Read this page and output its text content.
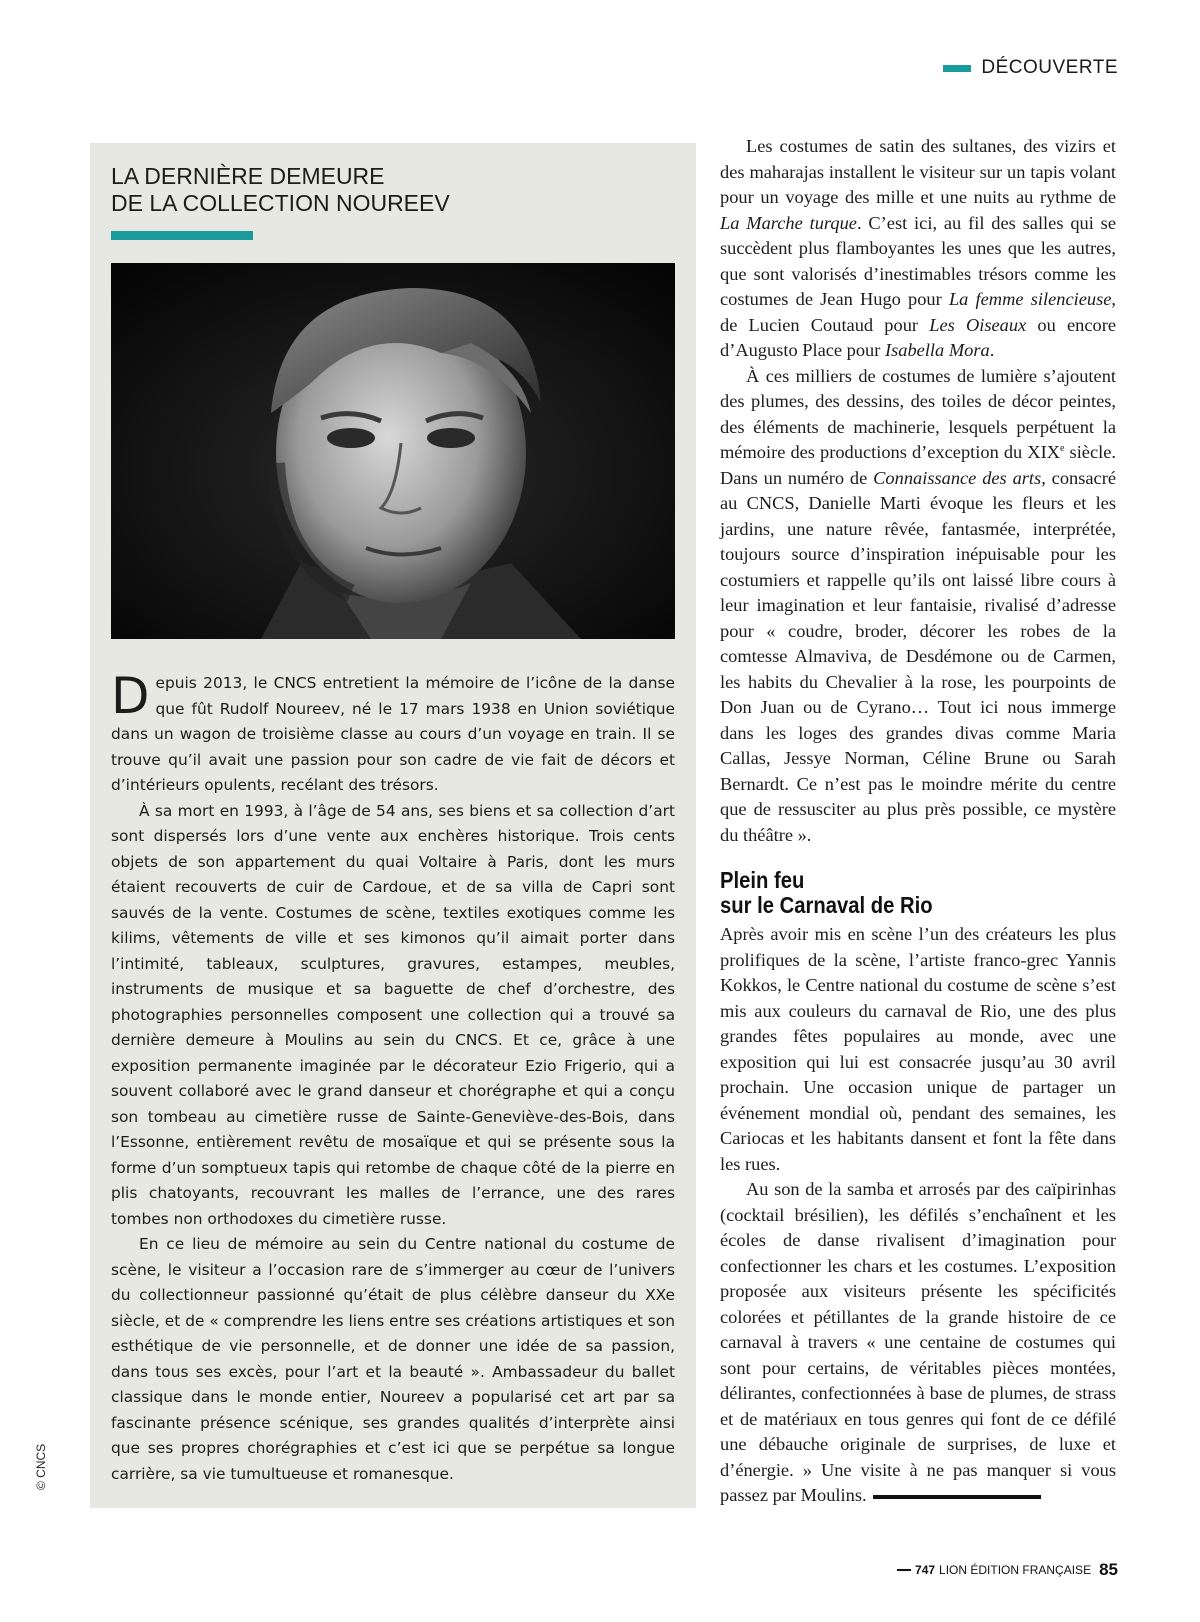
DÉCOUVERTE
LA DERNIÈRE DEMEURE
DE LA COLLECTION NOUREEV

Depuis 2013, le CNCS entretient la mémoire de l’icône de la danse que fût Rudolf Noureev, né le 17 mars 1938 en Union soviétique dans un wagon de troisième classe au cours d’un voyage en train. Il se trouve qu’il avait une passion pour son cadre de vie fait de décors et d’intérieurs opulents, recélant des trésors.

À sa mort en 1993, à l’âge de 54 ans, ses biens et sa collection d’art sont dispersés lors d’une vente aux enchères historique. Trois cents objets de son appartement du quai Voltaire à Paris, dont les murs étaient recouverts de cuir de Cardoue, et de sa villa de Capri sont sauvés de la vente. Costumes de scène, textiles exotiques comme les kilims, vêtements de ville et ses kimonos qu’il aimait porter dans l’intimité, tableaux, sculptures, gravures, estampes, meubles, instruments de musique et sa baguette de chef d’orchestre, des photographies personnelles composent une collection qui a trouvé sa dernière demeure à Moulins au sein du CNCS. Et ce, grâce à une exposition permanente imaginée par le décorateur Ezio Frigerio, qui a souvent collaboré avec le grand danseur et chorégraphe et qui a conçu son tombeau au cimetière russe de Sainte-Geneviève-des-Bois, dans l’Essonne, entièrement revêtu de mosaïque et qui se présente sous la forme d’un somptueux tapis qui retombe de chaque côté de la pierre en plis chatoyants, recouvrant les malles de l’errance, une des rares tombes non orthodoxes du cimetière russe.

En ce lieu de mémoire au sein du Centre national du costume de scène, le visiteur a l’occasion rare de s’immerger au cœur de l’univers du collectionneur passionné qu’était de plus célèbre danseur du XXe siècle, et de « comprendre les liens entre ses créations artistiques et son esthétique de vie personnelle, et de donner une idée de sa passion, dans tous ses excès, pour l’art et la beauté ». Ambassadeur du ballet classique dans le monde entier, Noureev a popularisé cet art par sa fascinante présence scénique, ses grandes qualités d’interprète ainsi que ses propres chorégraphies et c’est ici que se perpétue sa longue carrière, sa vie tumultueuse et romanesque.

Les costumes de satin des sultanes, des vizirs et des maharajas installent le visiteur sur un tapis volant pour un voyage des mille et une nuits au rythme de La Marche turque. C’est ici, au fil des salles qui se succèdent plus flamboyantes les unes que les autres, que sont valorisés d’inestimables trésors comme les costumes de Jean Hugo pour La femme silencieuse, de Lucien Coutaud pour Les Oiseaux ou encore d’Augusto Place pour Isabella Mora.

À ces milliers de costumes de lumière s’ajoutent des plumes, des dessins, des toiles de décor peintes, des éléments de machinerie, lesquels perpétuent la mémoire des productions d’exception du XIXe siècle. Dans un numéro de Connaissance des arts, consacré au CNCS, Danielle Marti évoque les fleurs et les jardins, une nature rêvée, fantasmée, interprétée, toujours source d’inspiration inépuisable pour les costumiers et rappelle qu’ils ont laissé libre cours à leur imagination et leur fantaisie, rivalisé d’adresse pour « coudre, broder, décorer les robes de la comtesse Almaviva, de Desdémone ou de Carmen, les habits du Chevalier à la rose, les pourpoints de Don Juan ou de Cyrano… Tout ici nous immerge dans les loges des grandes divas comme Maria Callas, Jessye Norman, Céline Brune ou Sarah Bernardt. Ce n’est pas le moindre mérite du centre que de ressusciter au plus près possible, ce mystère du théâtre ».

Plein feu
sur le Carnaval de Rio

Après avoir mis en scène l’un des créateurs les plus prolifiques de la scène, l’artiste franco-grec Yannis Kokkos, le Centre national du costume de scène s’est mis aux couleurs du carnaval de Rio, une des plus grandes fêtes populaires au monde, avec une exposition qui lui est consacrée jusqu’au 30 avril prochain. Une occasion unique de partager un événement mondial où, pendant des semaines, les Cariocas et les habitants dansent et font la fête dans les rues.

Au son de la samba et arrosés par des caïpirinhas (cocktail brésilien), les défilés s’enchaînent et les écoles de danse rivalisent d’imagination pour confectionner les chars et les costumes. L’exposition proposée aux visiteurs présente les spécificités colorées et pétillantes de la grande histoire de ce carnaval à travers « une centaine de costumes qui sont pour certains, de véritables pièces montées, délirantes, confectionnées à base de plumes, de strass et de matériaux en tous genres qui font de ce défilé une débauche originale de surprises, de luxe et d’énergie. » Une visite à ne pas manquer si vous passez par Moulins.

© CNCS
747 LION ÉDITION FRANÇAISE 85
